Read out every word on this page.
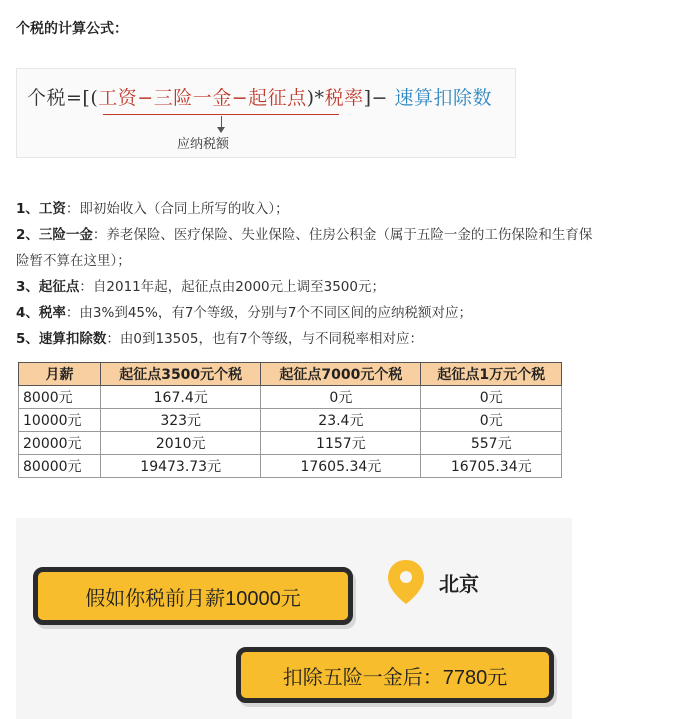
个税的计算公式：
个税=[(工资−三险一金−起征点)*税率]− 速算扣除数
应纳税额
1、工资：即初始收入（合同上所写的收入）；
2、三险一金：养老保险、医疗保险、失业保险、住房公积金（属于五险一金的工伤保险和生育保
险暂不算在这里）；
3、起征点：自2011年起，起征点由2000元上调至3500元；
4、税率：由3%到45%，有7个等级，分别与7个不同区间的应纳税额对应；
5、速算扣除数：由0到13505，也有7个等级，与不同税率相对应：
月薪	起征点3500元个税	起征点7000元个税	起征点1万元个税
8000元	167.4元	0元	0元
10000元	323元	23.4元	0元
20000元	2010元	1157元	557元
80000元	19473.73元	17605.34元	16705.34元
假如你税前月薪10000元
北京
扣除五险一金后：7780元
